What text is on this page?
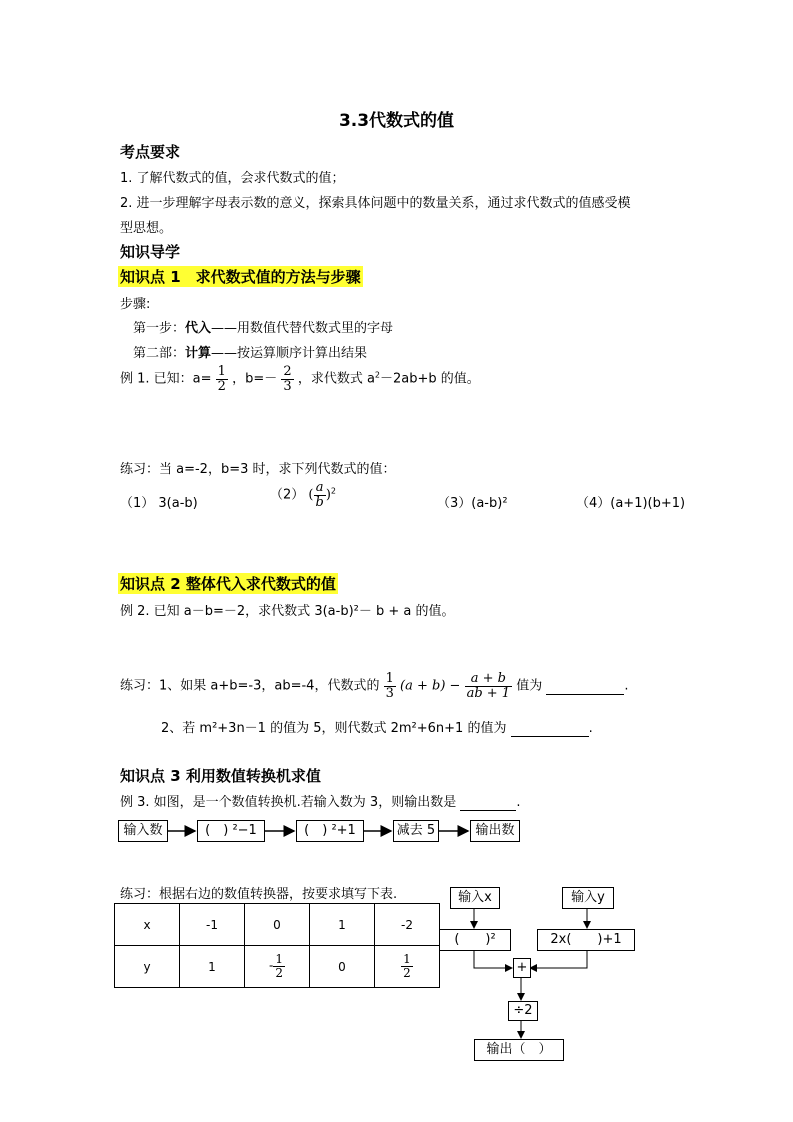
3.3代数式的值
考点要求
1. 了解代数式的值，会求代数式的值；
2. 进一步理解字母表示数的意义，探索具体问题中的数量关系，通过求代数式的值感受模
型思想。
知识导学
知识点 1　求代数式值的方法与步骤
步骤:
第一步：代入——用数值代替代数式里的字母
第二部：计算——按运算顺序计算出结果
例 1. 已知：$a= \frac{1}{2}$ ，$b=- \frac{2}{3}$ ，求代数式 $a^2-2ab+b$ 的值。
练习：当 a=-2，b=3 时，求下列代数式的值：
（1） 3(a-b)
（2） ( $\frac{a}{b} )^2$
（3）(a-b)²	（4）(a+1)(b+1)
知识点 2 整体代入求代数式的值
例 2. 已知 a－b=－2，求代数式 3(a-b)²－ b + a 的值。
练习：1、如果 a+b=-3，ab=-4，代数式的 $\frac{1}{3} (a + b) - \frac{a + b}{ab + 1}$ 值为	.
2、若 m²+3n－1 的值为 5，则代数式 2m²+6n+1 的值为	.
知识点 3 利用数值转换机求值
例 3. 如图，是一个数值转换机.若输入数为 3，则输出数是	.
输入数	(　) ²−1	(　) ²+1	减去 5	输出数
练习：根据右边的数值转换器，按要求填写下表.
x	-1	0	1	-2
y	1	- $\frac{1}{2}$	0	$\frac{1}{2}$
输入x	输入y
(　　)²	2x(　　)+1
+
÷2
输出（　）
